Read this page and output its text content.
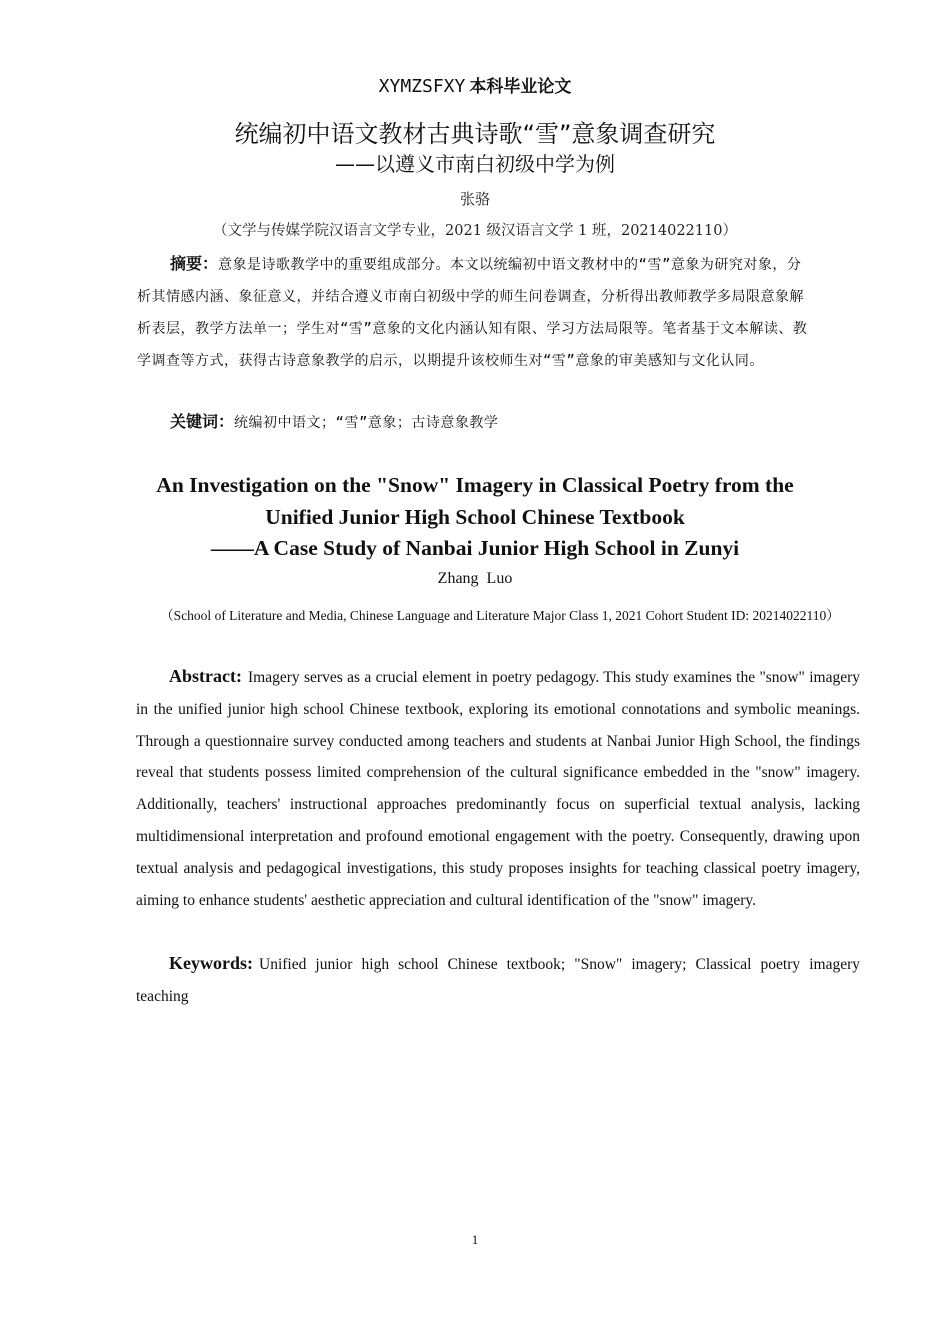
XYMZSFXY 本科毕业论文
统编初中语文教材古典诗歌“雪”意象调查研究
——以遵义市南白初级中学为例
张骆
（文学与传媒学院汉语言文学专业，2021 级汉语言文学 1 班，20214022110）
摘要：意象是诗歌教学中的重要组成部分。本文以统编初中语文教材中的“雪”意象为研究对象，分析其情感内涵、象征意义，并结合遵义市南白初级中学的师生问卷调查，分析得出教师教学多局限意象解析表层，教学方法单一；学生对“雪”意象的文化内涵认知有限、学习方法局限等。笔者基于文本解读、教学调查等方式，获得古诗意象教学的启示，以期提升该校师生对“雪”意象的审美感知与文化认同。
关键词：统编初中语文；“雪”意象；古诗意象教学
An Investigation on the "Snow" Imagery in Classical Poetry from the
Unified Junior High School Chinese Textbook
——A Case Study of Nanbai Junior High School in Zunyi
Zhang Luo
（School of Literature and Media, Chinese Language and Literature Major Class 1, 2021 Cohort Student ID: 20214022110）
Abstract: Imagery serves as a crucial element in poetry pedagogy. This study examines the "snow" imagery in the unified junior high school Chinese textbook, exploring its emotional connotations and symbolic meanings. Through a questionnaire survey conducted among teachers and students at Nanbai Junior High School, the findings reveal that students possess limited comprehension of the cultural significance embedded in the "snow" imagery. Additionally, teachers' instructional approaches predominantly focus on superficial textual analysis, lacking multidimensional interpretation and profound emotional engagement with the poetry. Consequently, drawing upon textual analysis and pedagogical investigations, this study proposes insights for teaching classical poetry imagery, aiming to enhance students' aesthetic appreciation and cultural identification of the "snow" imagery.
Keywords: Unified junior high school Chinese textbook; "Snow" imagery; Classical poetry imagery teaching
1
